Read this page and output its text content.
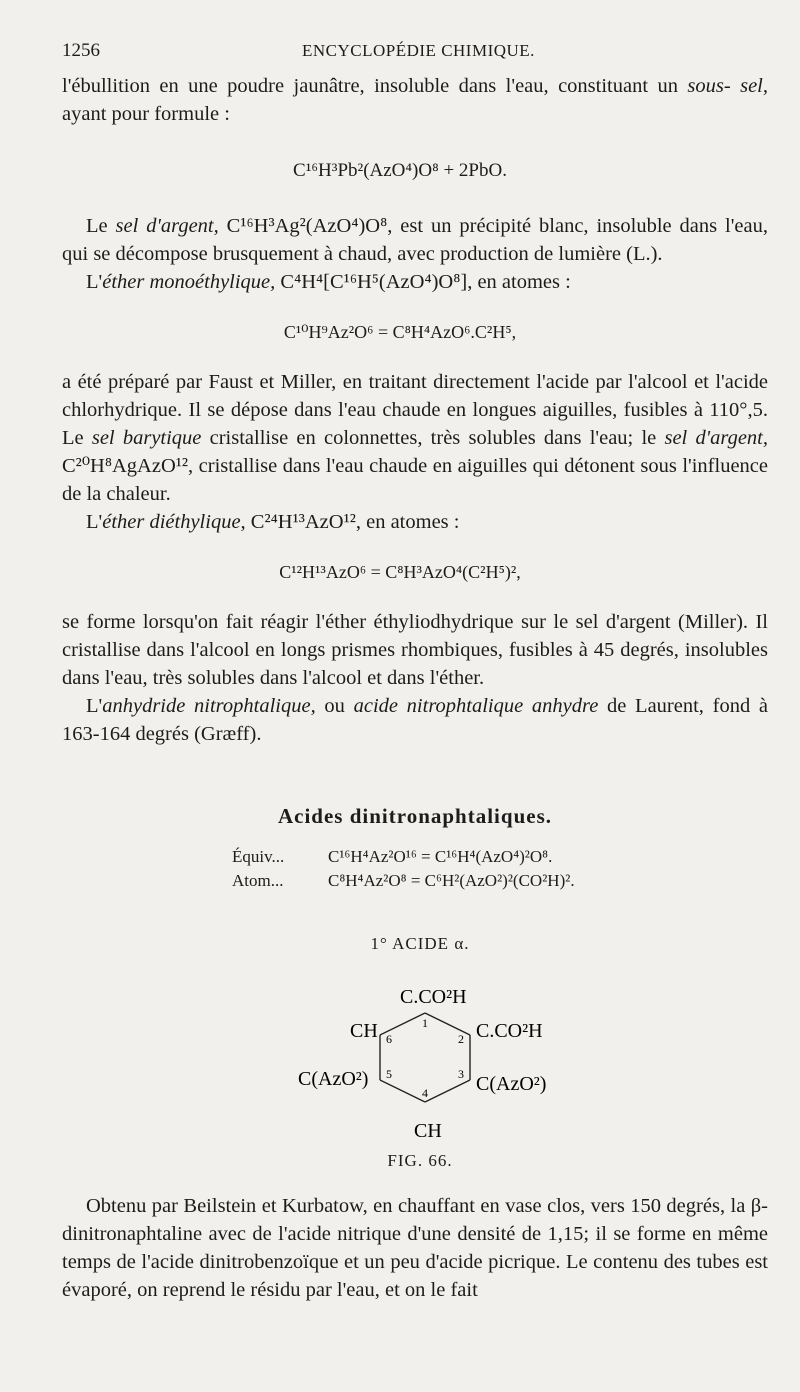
1256	ENCYCLOPÉDIE CHIMIQUE.

l'ébullition en une poudre jaunâtre, insoluble dans l'eau, constituant un sous- sel, ayant pour formule :

C¹⁶H³Pb²(AzO⁴)O⁸ + 2PbO.

Le sel d'argent, C¹⁶H³Ag²(AzO⁴)O⁸, est un précipité blanc, insoluble dans l'eau, qui se décompose brusquement à chaud, avec production de lumière (L.).

L'éther monoéthylique, C⁴H⁴[C¹⁶H⁵(AzO⁴)O⁸], en atomes :

C¹⁰H⁹Az²O⁶ = C⁸H⁴AzO⁶.C²H⁵,

a été préparé par Faust et Miller, en traitant directement l'acide par l'alcool et l'acide chlorhydrique. Il se dépose dans l'eau chaude en longues aiguilles, fusibles à 110°,5. Le sel barytique cristallise en colonnettes, très solubles dans l'eau; le sel d'argent, C²⁰H⁸AgAzO¹², cristallise dans l'eau chaude en aiguilles qui détonent sous l'influence de la chaleur.

L'éther diéthylique, C²⁴H¹³AzO¹², en atomes :

C¹²H¹³AzO⁶ = C⁸H³AzO⁴(C²H⁵)²,

se forme lorsqu'on fait réagir l'éther éthyliodhydrique sur le sel d'argent (Miller). Il cristallise dans l'alcool en longs prismes rhombiques, fusibles à 45 degrés, insolubles dans l'eau, très solubles dans l'alcool et dans l'éther.

L'anhydride nitrophtalique, ou acide nitrophtalique anhydre de Laurent, fond à 163-164 degrés (Græff).

Acides dinitronaphtaliques.
Équiv...	C¹⁶H⁴Az²O¹⁶ = C¹⁶H⁴(AzO⁴)²O⁸.
Atom...	C⁸H⁴Az²O⁸ = C⁶H²(AzO²)²(CO²H)².
1° ACIDE α.
C.CO²H
CH	C.CO²H
C(AzO²)	C(AzO²)
CH
1
2
3
4
5
6
FIG. 66.

Obtenu par Beilstein et Kurbatow, en chauffant en vase clos, vers 150 degrés, la β-dinitronaphtaline avec de l'acide nitrique d'une densité de 1,15; il se forme en même temps de l'acide dinitrobenzoïque et un peu d'acide picrique. Le contenu des tubes est évaporé, on reprend le résidu par l'eau, et on le fait
